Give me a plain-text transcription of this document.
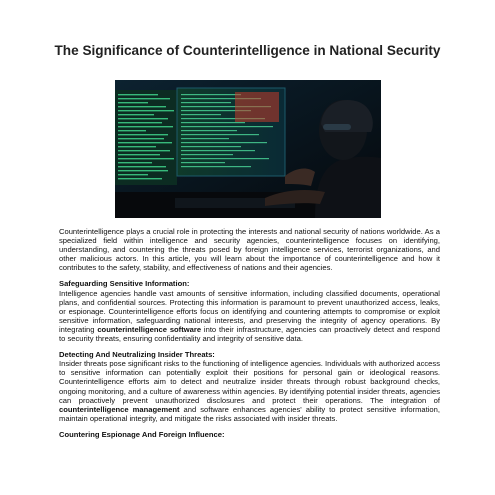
The Significance of Counterintelligence in National Security

Counterintelligence plays a crucial role in protecting the interests and national security of nations worldwide. As a specialized field within intelligence and security agencies, counterintelligence focuses on identifying, understanding, and countering the threats posed by foreign intelligence services, terrorist organizations, and other malicious actors. In this article, you will learn about the importance of counterintelligence and how it contributes to the safety, stability, and effectiveness of nations and their agencies.

Safeguarding Sensitive Information:

Intelligence agencies handle vast amounts of sensitive information, including classified documents, operational plans, and confidential sources. Protecting this information is paramount to prevent unauthorized access, leaks, or espionage. Counterintelligence efforts focus on identifying and countering attempts to compromise or exploit sensitive information, safeguarding national interests, and preserving the integrity of agency operations. By integrating counterintelligence software into their infrastructure, agencies can proactively detect and respond to security threats, ensuring confidentiality and integrity of sensitive data.

Detecting And Neutralizing Insider Threats:

Insider threats pose significant risks to the functioning of intelligence agencies. Individuals with authorized access to sensitive information can potentially exploit their positions for personal gain or ideological reasons. Counterintelligence efforts aim to detect and neutralize insider threats through robust background checks, ongoing monitoring, and a culture of awareness within agencies. By identifying potential insider threats, agencies can proactively prevent unauthorized disclosures and protect their operations. The integration of counterintelligence management and software enhances agencies' ability to protect sensitive information, maintain operational integrity, and mitigate the risks associated with insider threats.

Countering Espionage And Foreign Influence:
